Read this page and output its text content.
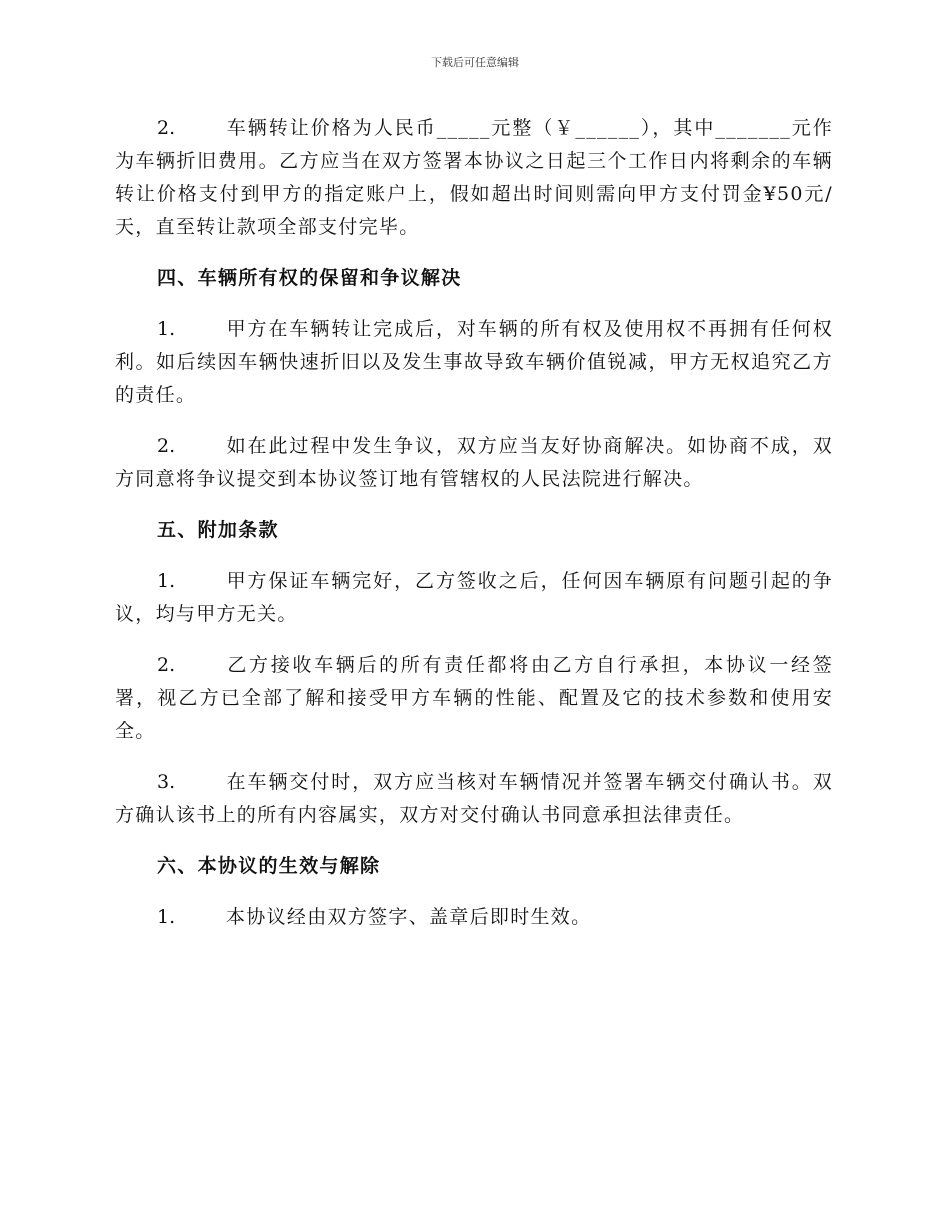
下载后可任意编辑

2.	车辆转让价格为人民币_____元整（￥______），其中_______元作为车辆折旧费用。乙方应当在双方签署本协议之日起三个工作日内将剩余的车辆转让价格支付到甲方的指定账户上，假如超出时间则需向甲方支付罚金¥50元/天，直至转让款项全部支付完毕。

四、车辆所有权的保留和争议解决

1.	甲方在车辆转让完成后，对车辆的所有权及使用权不再拥有任何权利。如后续因车辆快速折旧以及发生事故导致车辆价值锐减，甲方无权追究乙方的责任。

2.	如在此过程中发生争议，双方应当友好协商解决。如协商不成，双方同意将争议提交到本协议签订地有管辖权的人民法院进行解决。

五、附加条款

1.	甲方保证车辆完好，乙方签收之后，任何因车辆原有问题引起的争议，均与甲方无关。

2.	乙方接收车辆后的所有责任都将由乙方自行承担，本协议一经签署，视乙方已全部了解和接受甲方车辆的性能、配置及它的技术参数和使用安全。

3.	在车辆交付时，双方应当核对车辆情况并签署车辆交付确认书。双方确认该书上的所有内容属实，双方对交付确认书同意承担法律责任。

六、本协议的生效与解除

1.	本协议经由双方签字、盖章后即时生效。
